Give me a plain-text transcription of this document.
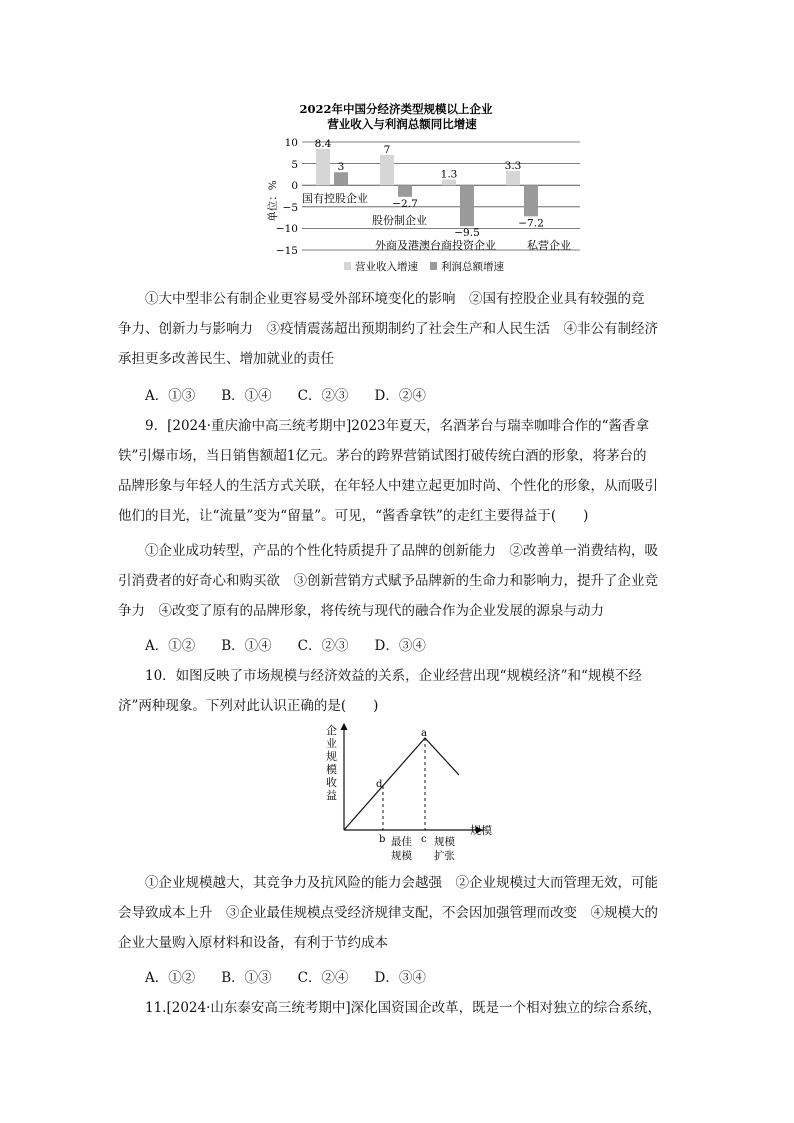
2022年中国分经济类型规模以上企业
营业收入与利润总额同比增速
单位：%
10
5
0
−5
−10
−15
8.4
7
1.3
3.3
3
−2.7
−9.5
−7.2
国有控股企业
股份制企业
外商及港澳台商投资企业	私营企业
营业收入增速 利润总额增速
①大中型非公有制企业更容易受外部环境变化的影响　②国有控股企业具有较强的竞
争力、创新力与影响力　③疫情震荡超出预期制约了社会生产和人民生活　④非公有制经济
承担更多改善民生、增加就业的责任
A．①③ B．①④ C．②③ D．②④
9．[2024·重庆渝中高三统考期中]2023年夏天，名酒茅台与瑞幸咖啡合作的“酱香拿
铁”引爆市场，当日销售额超1亿元。茅台的跨界营销试图打破传统白酒的形象，将茅台的
品牌形象与年轻人的生活方式关联，在年轻人中建立起更加时尚、个性化的形象，从而吸引
他们的目光，让“流量”变为“留量”。可见，“酱香拿铁”的走红主要得益于(　　)
①企业成功转型，产品的个性化特质提升了品牌的创新能力　②改善单一消费结构，吸
引消费者的好奇心和购买欲　③创新营销方式赋予品牌新的生命力和影响力，提升了企业竞
争力　④改变了原有的品牌形象，将传统与现代的融合作为企业发展的源泉与动力
A．①② B．①④ C．②③ D．③④
10．如图反映了市场规模与经济效益的关系，企业经营出现“规模经济”和“规模不经
济”两种现象。下列对此认识正确的是(　　)
a
d
b	c
规模
最佳
规模
规模
扩张
企
业
规
模
收
益
①企业规模越大，其竞争力及抗风险的能力会越强　②企业规模过大而管理无效，可能
会导致成本上升　③企业最佳规模点受经济规律支配，不会因加强管理而改变　④规模大的
企业大量购入原材料和设备，有利于节约成本
A．①② B．①③ C．②④ D．③④
11.[2024·山东泰安高三统考期中]深化国资国企改革，既是一个相对独立的综合系统，
